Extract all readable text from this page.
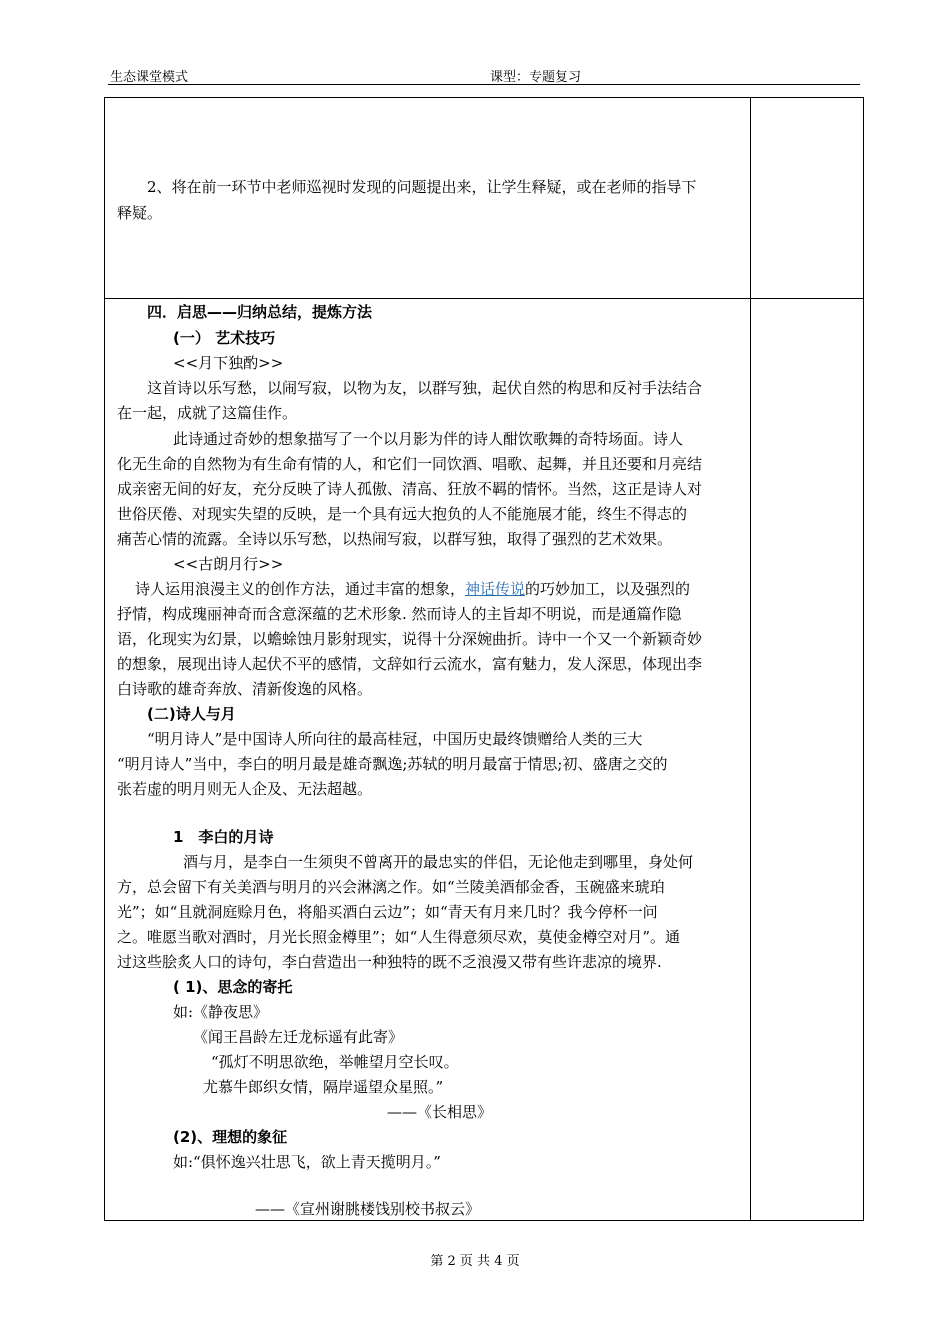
生态课堂模式	课型：专题复习
2、将在前一环节中老师巡视时发现的问题提出来，让学生释疑，或在老师的指导下
释疑。
四．启思——归纳总结，提炼方法
(一） 艺术技巧
<<月下独酌>>
这首诗以乐写愁，以闹写寂，以物为友，以群写独，起伏自然的构思和反衬手法结合
在一起，成就了这篇佳作。
此诗通过奇妙的想象描写了一个以月影为伴的诗人酣饮歌舞的奇特场面。诗人
化无生命的自然物为有生命有情的人，和它们一同饮酒、唱歌、起舞，并且还要和月亮结
成亲密无间的好友，充分反映了诗人孤傲、清高、狂放不羁的情怀。当然，这正是诗人对
世俗厌倦、对现实失望的反映，是一个具有远大抱负的人不能施展才能，终生不得志的
痛苦心情的流露。全诗以乐写愁，以热闹写寂，以群写独，取得了强烈的艺术效果。
<<古朗月行>>
诗人运用浪漫主义的创作方法，通过丰富的想象，神话传说的巧妙加工，以及强烈的
抒情，构成瑰丽神奇而含意深蕴的艺术形象. 然而诗人的主旨却不明说，而是通篇作隐
语，化现实为幻景，以蟾蜍蚀月影射现实，说得十分深婉曲折。诗中一个又一个新颖奇妙
的想象，展现出诗人起伏不平的感情，文辞如行云流水，富有魅力，发人深思，体现出李
白诗歌的雄奇奔放、清新俊逸的风格。
(二)诗人与月
“明月诗人”是中国诗人所向往的最高桂冠，中国历史最终馈赠给人类的三大
“明月诗人”当中，李白的明月最是雄奇飘逸;苏轼的明月最富于情思;初、盛唐之交的
张若虚的明月则无人企及、无法超越。
1　李白的月诗
酒与月，是李白一生须臾不曾离开的最忠实的伴侣，无论他走到哪里，身处何
方，总会留下有关美酒与明月的兴会淋漓之作。如“兰陵美酒郁金香，玉碗盛来琥珀
光”；如“且就洞庭赊月色，将船买酒白云边”；如“青天有月来几时？我今停杯一问
之。唯愿当歌对酒时，月光长照金樽里”；如“人生得意须尽欢，莫使金樽空对月”。通
过这些脍炙人口的诗句，李白营造出一种独特的既不乏浪漫又带有些许悲凉的境界.
( 1)、思念的寄托
如:《静夜思》
《闻王昌龄左迁龙标遥有此寄》
“孤灯不明思欲绝，举帷望月空长叹。
尤慕牛郎织女情，隔岸遥望众星照。”
——《长相思》
(2)、理想的象征
如:“俱怀逸兴壮思飞，欲上青天揽明月。”
——《宣州谢朓楼饯别校书叔云》
第 2 页 共 4 页
